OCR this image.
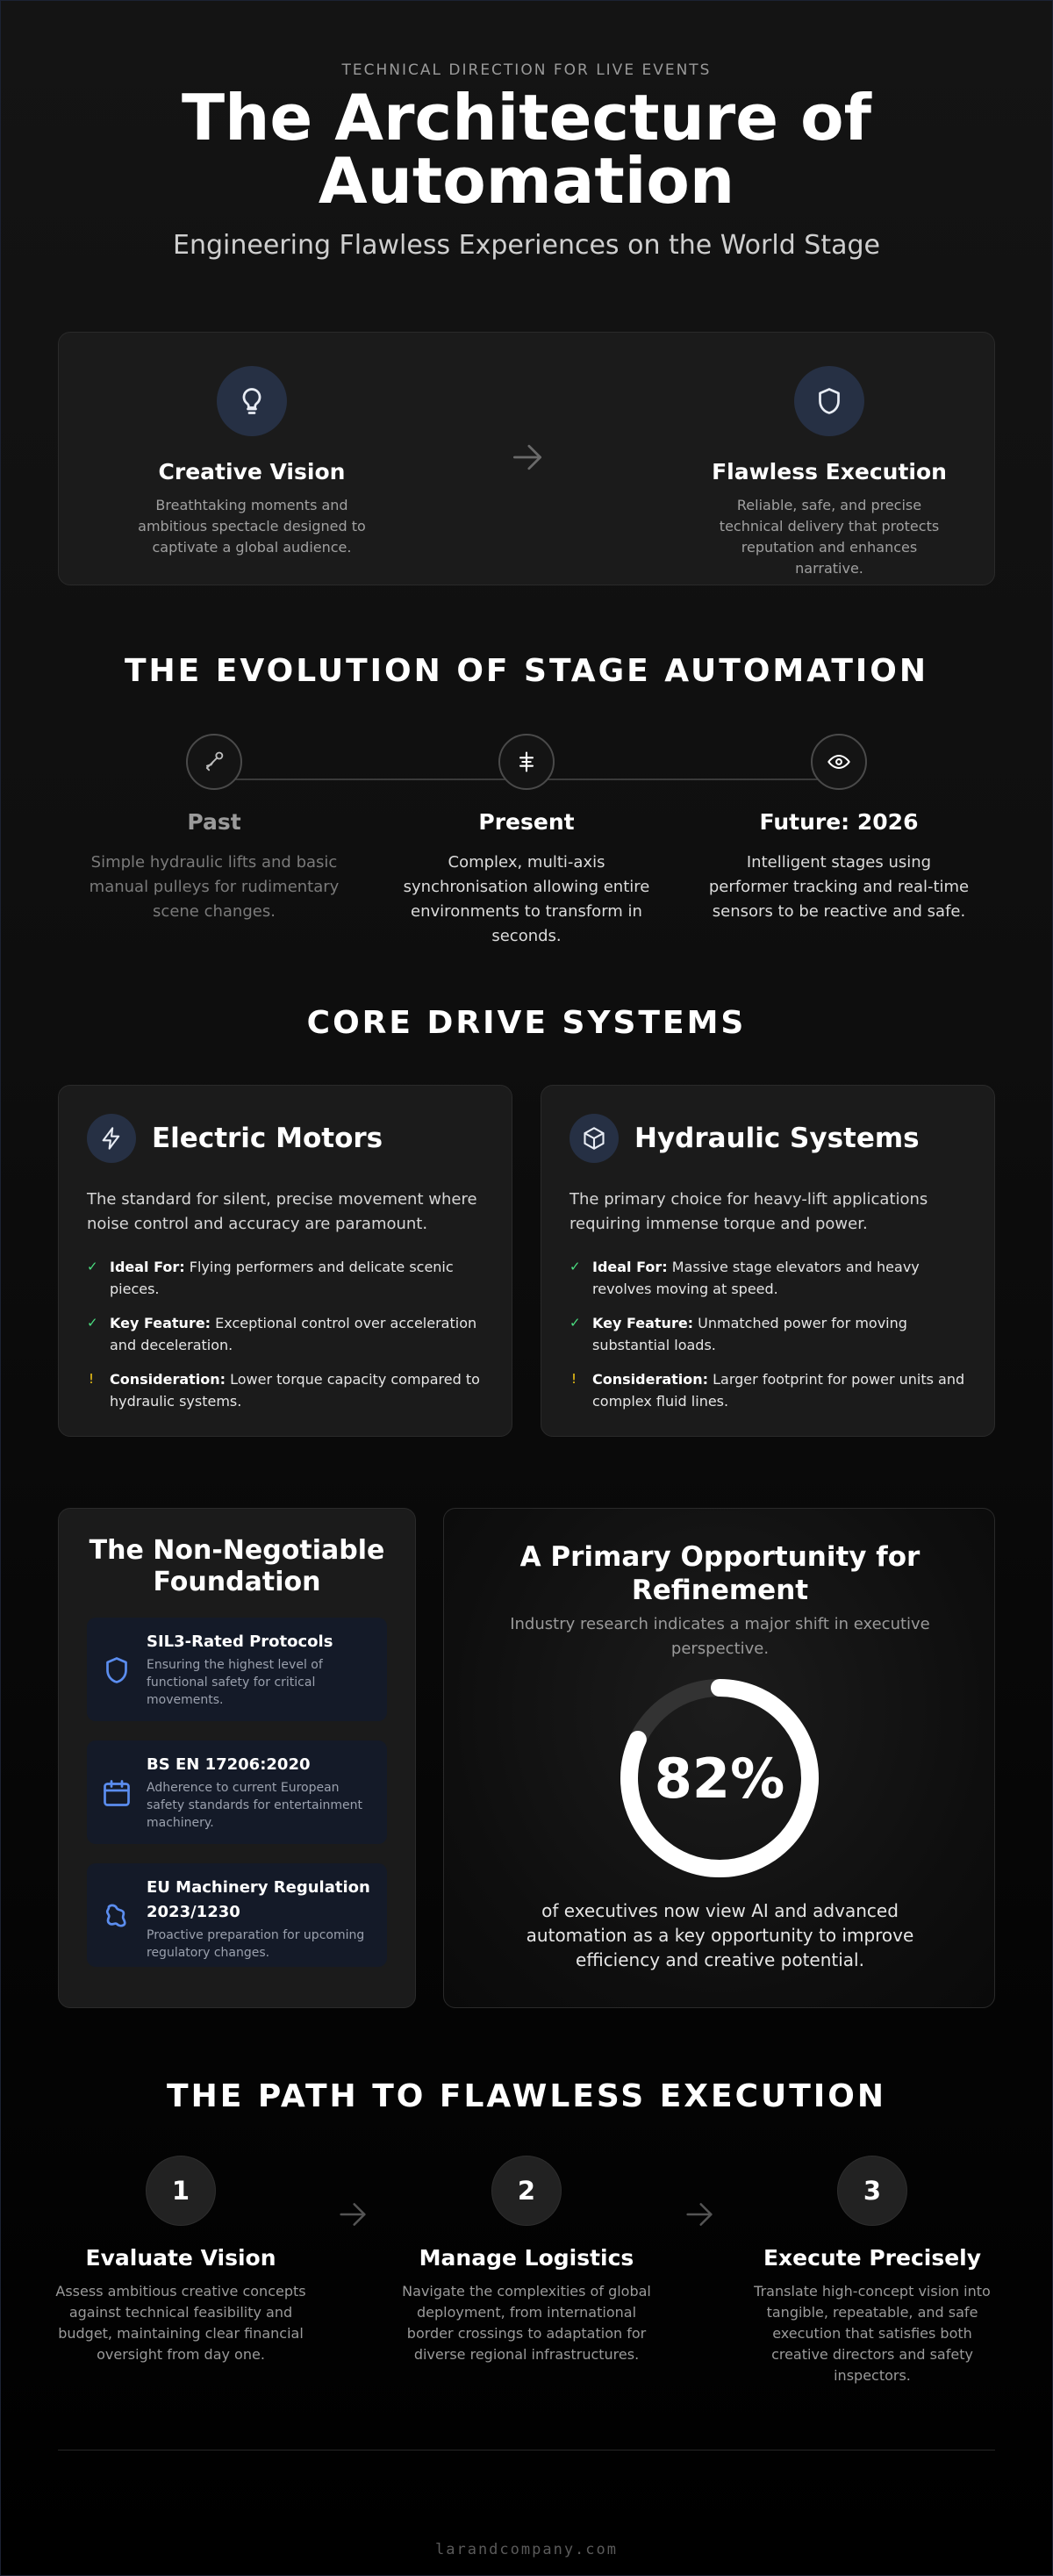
TECHNICAL DIRECTION FOR LIVE EVENTS
The Architecture of Automation
Engineering Flawless Experiences on the World Stage
Creative Vision
Breathtaking moments and ambitious spectacle designed to captivate a global audience.
Flawless Execution
Reliable, safe, and precise technical delivery that protects reputation and enhances narrative.
THE EVOLUTION OF STAGE AUTOMATION
Past
Simple hydraulic lifts and basic manual pulleys for rudimentary scene changes.
Present
Complex, multi-axis synchronisation allowing entire environments to transform in seconds.
Future: 2026
Intelligent stages using performer tracking and real-time sensors to be reactive and safe.
CORE DRIVE SYSTEMS
Electric Motors
The standard for silent, precise movement where noise control and accuracy are paramount.
✓ Ideal For: Flying performers and delicate scenic pieces.
✓ Key Feature: Exceptional control over acceleration and deceleration.
! Consideration: Lower torque capacity compared to hydraulic systems.
Hydraulic Systems
The primary choice for heavy-lift applications requiring immense torque and power.
✓ Ideal For: Massive stage elevators and heavy revolves moving at speed.
✓ Key Feature: Unmatched power for moving substantial loads.
! Consideration: Larger footprint for power units and complex fluid lines.
The Non-Negotiable Foundation
SIL3-Rated Protocols
Ensuring the highest level of functional safety for critical movements.
BS EN 17206:2020
Adherence to current European safety standards for entertainment machinery.
EU Machinery Regulation 2023/1230
Proactive preparation for upcoming regulatory changes.
A Primary Opportunity for Refinement
Industry research indicates a major shift in executive perspective.
82%
of executives now view AI and advanced automation as a key opportunity to improve efficiency and creative potential.
THE PATH TO FLAWLESS EXECUTION
1
Evaluate Vision
Assess ambitious creative concepts against technical feasibility and budget, maintaining clear financial oversight from day one.
2
Manage Logistics
Navigate the complexities of global deployment, from international border crossings to adaptation for diverse regional infrastructures.
3
Execute Precisely
Translate high-concept vision into tangible, repeatable, and safe execution that satisfies both creative directors and safety inspectors.
larandcompany.com
